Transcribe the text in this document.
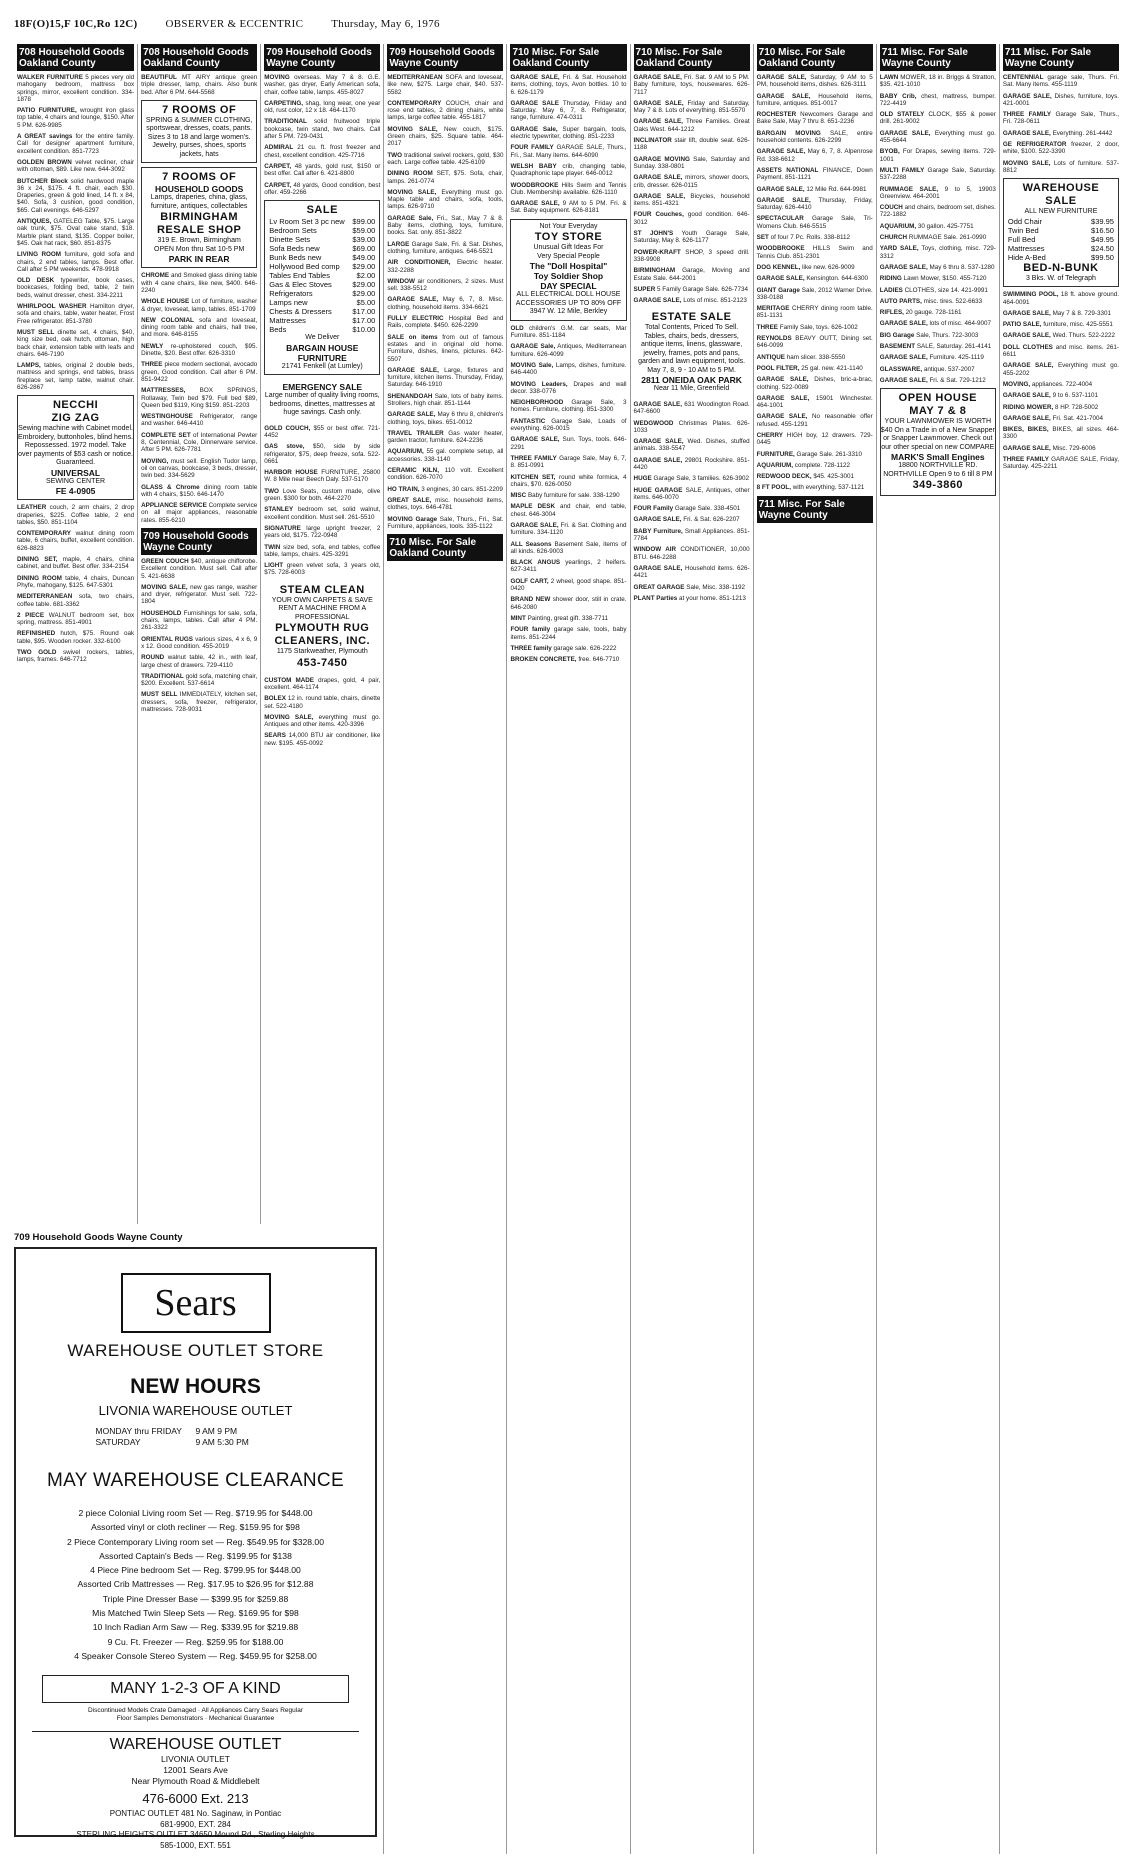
18F(O)15,F 10C,Ro 12C)	OBSERVER & ECCENTRIC	Thursday, May 6, 1976
708 Household Goods Oakland County

WALKER FURNITURE 5 pieces very old mahogany bedroom, mattress box springs, mirror, excellent condition. 334-1878

PATIO FURNITURE, wrought iron glass top table, 4 chairs and lounge, $150. After 5 PM. 626-9985

A GREAT savings for the entire family. Call for designer apartment furniture, excellent condition. 851-7723

GOLDEN BROWN velvet recliner, chair with ottoman, $89. Like new. 644-3092

BUTCHER Block solid hardwood maple 36 x 24, $175. 4 ft. chair, each $30. Draperies, green & gold lined, 14 ft. x 84, $40. Sofa, 3 cushion, good condition, $65. Call evenings. 646-5297

ANTIQUES, GATELEG Table, $75. Large oak trunk, $75. Oval cake stand, $18. Marble plant stand, $135. Copper boiler, $45. Oak hat rack, $60. 851-8375

LIVING ROOM furniture, gold sofa and chairs, 2 end tables, lamps. Best offer. Call after 5 PM weekends. 478-9918

OLD DESK typewriter, book cases, bookcases, folding bed, table, 2 twin beds, walnut dresser, chest. 334-2211

WHIRLPOOL WASHER Hamilton dryer, sofa and chairs, table, water heater, Frost Free refrigerator. 851-3780

MUST SELL dinette set, 4 chairs, $40, king size bed, oak hutch, ottoman, high back chair, extension table with leafs and chairs. 646-7190

LAMPS, tables, original 2 double beds, mattress and springs, end tables, brass fireplace set, lamp table, walnut chair. 626-2867

NECCHI
ZIG ZAG
Sewing machine with Cabinet model. Embroidery, buttonholes, blind hems. Repossessed. 1972 model. Take over payments of $53 cash or notice. Guaranteed.
UNIVERSAL
SEWING CENTER
FE 4-0905

LEATHER couch, 2 arm chairs, 2 drop draperies, $225. Coffee table, 2 end tables, $50. 851-1104

CONTEMPORARY walnut dining room table, 6 chairs, buffet, excellent condition. 626-8823

DINING SET, maple, 4 chairs, china cabinet, and buffet. Best offer. 334-2154

DINING ROOM table, 4 chairs, Duncan Phyfe, mahogany, $125. 647-5301

MEDITERRANEAN sofa, two chairs, coffee table. 681-3362

2 PIECE WALNUT bedroom set, box spring, mattress. 851-4901

REFINISHED hutch, $75. Round oak table, $95. Wooden rocker. 332-6100

TWO GOLD swivel rockers, tables, lamps, frames. 646-7712

708 Household Goods Oakland County

BEAUTIFUL MT AIRY antique green triple dresser, lamp, chairs. Also bunk bed. After 6 PM. 644-5568

7 ROOMS OF
SPRING & SUMMER CLOTHING, sportswear, dresses, coats, pants. Sizes 3 to 18 and large women's. Jewelry, purses, shoes, sports jackets, hats
7 ROOMS OF
HOUSEHOLD GOODS
Lamps, draperies, china, glass, furniture, antiques, collectables
BIRMINGHAM
RESALE SHOP
319 E. Brown, Birmingham
OPEN Mon thru Sat 10-5 PM
PARK IN REAR

CHROME and Smoked glass dining table with 4 cane chairs, like new, $400. 646-2240

WHOLE HOUSE Lot of furniture, washer & dryer, loveseat, lamp, tables. 851-1709

NEW COLONIAL sofa and loveseat, dining room table and chairs, hall tree, and more. 646-8155

NEWLY re-upholstered couch, $95. Dinette, $20. Best offer. 626-3310

THREE piece modern sectional, avocado green, Good condition. Call after 6 PM. 851-9422

MATTRESSES, BOX SPRINGS, Rollaway, Twin bed $79. Full bed $89, Queen bed $119, King $159. 851-2203

WESTINGHOUSE Refrigerator, range and washer. 646-4410

COMPLETE SET of International Pewter 8, Centennial, Cole, Dinnerware service. After 5 PM. 626-7781

MOVING, must sell. English Tudor lamp, oil on canvas, bookcase, 3 beds, dresser, twin bed. 334-5629

GLASS & Chrome dining room table with 4 chairs, $150. 646-1470

APPLIANCE SERVICE Complete service on all major appliances, reasonable rates. 855-6210

709 Household Goods Wayne County

GREEN COUCH $40, antique chifforobe. Excellent condition. Must sell. Call after 5. 421-6638

MOVING SALE, new gas range, washer and dryer, refrigerator. Must sell. 722-1804

HOUSEHOLD Furnishings for sale, sofa, chairs, lamps, tables. Call after 4 PM. 261-3322

ORIENTAL RUGS various sizes, 4 x 6, 9 x 12. Good condition. 455-2019

ROUND walnut table, 42 in., with leaf, large chest of drawers. 729-4110

TRADITIONAL gold sofa, matching chair, $200. Excellent. 537-6614

MUST SELL IMMEDIATELY, kitchen set, dressers, sofa, freezer, refrigerator, mattresses. 728-9031

709 Household Goods Wayne County

MOVING overseas. May 7 & 8. G.E. washer, gas dryer, Early American sofa, chair, coffee table, lamps. 455-8027

CARPETING, shag, long wear, one year old, rust color, 12 x 18. 464-1170

TRADITIONAL solid fruitwood triple bookcase, twin stand, two chairs. Call after 5 PM. 729-0431

ADMIRAL 21 cu. ft. frost freezer and chest, excellent condition. 425-7716

CARPET, 48 yards, gold rust, $150 or best offer. Call after 6. 421-8800

CARPET, 48 yards, Good condition, best offer. 459-2266

SALE
Lv Room Set 3 pc new $99.00
Bedroom Sets	$59.00
Dinette Sets	$39.00
Sofa Beds new	$69.00
Bunk Beds new	$49.00
Hollywood Bed comp $29.00
Tables End Tables	$2.00
Gas & Elec Stoves	$29.00
Refrigerators	$29.00
Lamps new	$5.00
Chests & Dressers	$17.00
Mattresses	$17.00
Beds	$10.00
We Deliver
BARGAIN HOUSE FURNITURE
21741 Fenkell (at Lumley)
EMERGENCY SALE
Large number of quality living rooms, bedrooms, dinettes, mattresses at huge savings. Cash only.

GOLD COUCH, $55 or best offer. 721-4452

GAS stove, $50, side by side refrigerator, $75, deep freeze, sofa. 522-0661

HARBOR HOUSE FURNITURE, 25800 W. 8 Mile near Beech Daly. 537-5170

TWO Love Seats, custom made, olive green. $300 for both. 464-2270

STANLEY bedroom set, solid walnut, excellent condition. Must sell. 261-5510

SIGNATURE large upright freezer, 2 years old, $175. 722-0948

TWIN size bed, sofa, end tables, coffee table, lamps, chairs. 425-3291

LIGHT green velvet sofa, 3 years old, $75. 728-6003

STEAM CLEAN
YOUR OWN CARPETS & SAVE
RENT A MACHINE FROM A PROFESSIONAL
PLYMOUTH RUG
CLEANERS, INC.
1175 Starkweather, Plymouth
453-7450

CUSTOM MADE drapes, gold, 4 pair, excellent. 464-1174

BOLEX 12 in. round table, chairs, dinette set. 522-4180

MOVING SALE, everything must go. Antiques and other items. 420-3396

SEARS 14,000 BTU air conditioner, like new. $195. 455-0092

709 Household Goods Wayne County

MEDITERRANEAN SOFA and loveseat, like new, $275. Large chair, $40. 537-5582

CONTEMPORARY COUCH, chair and rose end tables, 2 dining chairs, white lamps, large coffee table. 455-1817

MOVING SALE, New couch, $175. Green chairs, $25. Square table. 464-2017

TWO traditional swivel rockers, gold, $30 each. Large coffee table. 425-6109

DINING ROOM SET, $75. Sofa, chair, lamps. 261-0774

MOVING SALE, Everything must go. Maple table and chairs, sofa, tools, lamps. 626-9710

GARAGE Sale, Fri., Sat., May 7 & 8. Baby items, clothing, toys, furniture, books. Sat. only. 851-3822

LARGE Garage Sale, Fri. & Sat. Dishes, clothing, furniture, antiques. 646-5521

AIR CONDITIONER, Electric heater. 332-2288

WINDOW air conditioners, 2 sizes. Must sell. 338-5512

GARAGE SALE, May 6, 7, 8. Misc. clothing, household items. 334-6621

FULLY ELECTRIC Hospital Bed and Rails, complete. $450. 626-2299

SALE on items from out of famous estates and in original old home. Furniture, dishes, linens, pictures. 642-5507

GARAGE SALE, Large, fixtures and furniture, kitchen items. Thursday, Friday, Saturday. 646-1910

SHENANDOAH Sale, lots of baby items. Strollers, high chair. 851-1144

GARAGE SALE, May 6 thru 8, children's clothing, toys, bikes. 651-0012

TRAVEL TRAILER Gas water heater, garden tractor, furniture. 624-2236

AQUARIUM, 55 gal. complete setup, all accessories. 338-1140

CERAMIC KILN, 110 volt. Excellent condition. 626-7070

HO TRAIN, 3 engines, 30 cars. 851-2209

GREAT SALE, misc. household items, clothes, toys. 646-4781

MOVING Garage Sale, Thurs., Fri., Sat. Furniture, appliances, tools. 335-1122

710 Misc. For Sale Oakland County
710 Misc. For Sale Oakland County

GARAGE SALE, Fri. & Sat. Household items, clothing, toys, Avon bottles. 10 to 6. 626-1179

GARAGE SALE Thursday, Friday and Saturday. May 6, 7, 8. Refrigerator, range, furniture. 474-0311

GARAGE Sale, Super bargain, tools, electric typewriter, clothing. 851-2233

FOUR FAMILY GARAGE SALE, Thurs., Fri., Sat. Many items. 644-6090

WELSH BABY crib, changing table, Quadraphonic tape player. 646-0012

WOODBROOKE Hills Swim and Tennis Club. Membership available. 626-1110

GARAGE SALE, 9 AM to 5 PM. Fri. & Sat. Baby equipment. 626-8181

Not Your Everyday
TOY STORE
Unusual Gift Ideas For
Very Special People
The "Doll Hospital"
Toy Soldier Shop
DAY SPECIAL
ALL ELECTRICAL DOLL HOUSE ACCESSORIES UP TO 80% OFF
3947 W. 12 Mile, Berkley

OLD children's G.M. car seats, Mar Furniture. 851-1184

GARAGE Sale, Antiques, Mediterranean furniture. 626-4099

MOVING Sale, Lamps, dishes, furniture. 646-4400

MOVING Leaders, Drapes and wall decor. 338-0776

NEIGHBORHOOD Garage Sale, 3 homes. Furniture, clothing. 851-3300

FANTASTIC Garage Sale, Loads of everything. 626-0015

GARAGE SALE, Sun. Toys, tools. 646-2291

THREE FAMILY Garage Sale, May 6, 7, 8. 851-0991

KITCHEN SET, round white formica, 4 chairs, $70. 626-0050

MISC Baby furniture for sale. 338-1290

MAPLE DESK and chair, end table, chest. 646-3004

GARAGE SALE, Fri. & Sat. Clothing and furniture. 334-1120

ALL Seasons Basement Sale, items of all kinds. 626-9003

BLACK ANGUS yearlings, 2 heifers. 627-3411

GOLF CART, 2 wheel, good shape. 851-0420

BRAND NEW shower door, still in crate. 646-2080

MINT Painting, great gift. 338-7711

FOUR family garage sale, tools, baby items. 851-2244

THREE family garage sale. 626-2222

BROKEN CONCRETE, free. 646-7710

710 Misc. For Sale Oakland County

GARAGE SALE, Fri. Sat. 9 AM to 5 PM. Baby furniture, toys, housewares. 626-7117

GARAGE SALE, Friday and Saturday, May 7 & 8. Lots of everything. 851-5570

GARAGE SALE, Three Families. Great Oaks West. 644-1212

INCLINATOR stair lift, double seat. 626-1188

GARAGE MOVING Sale, Saturday and Sunday. 338-0801

GARAGE SALE, mirrors, shower doors, crib, dresser. 626-0115

GARAGE SALE, Bicycles, household items. 851-4321

FOUR Couches, good condition. 646-3012

ST JOHN'S Youth Garage Sale, Saturday, May 8. 626-1177

POWER-KRAFT SHOP, 3 speed drill. 338-9908

BIRMINGHAM Garage, Moving and Estate Sale. 644-2001

SUPER 5 Family Garage Sale. 626-7734

GARAGE SALE, Lots of misc. 851-2123

ESTATE SALE
Total Contents, Priced To Sell. Tables, chairs, beds, dressers, antique items, linens, glassware, jewelry, frames, pots and pans, garden and lawn equipment, tools. May 7, 8, 9 - 10 AM to 5 PM.
2811 ONEIDA OAK PARK
Near 11 Mile, Greenfield

GARAGE SALE, 631 Woodington Road. 647-6600

WEDGWOOD Christmas Plates. 626-1033

GARAGE SALE, Wed. Dishes, stuffed animals. 338-5547

GARAGE SALE, 29801 Rockshire. 851-4420

HUGE Garage Sale, 3 families. 626-3902

HUGE GARAGE SALE, Antiques, other items. 646-0070

FOUR Family Garage Sale. 338-4501

GARAGE SALE, Fri. & Sat. 626-2207

BABY Furniture, Small Appliances. 851-7784

WINDOW AIR CONDITIONER, 10,000 BTU. 646-2288

GARAGE SALE, Household items. 626-4421

GREAT GARAGE Sale, Misc. 338-1192

PLANT Parties at your home. 851-1213

710 Misc. For Sale Oakland County

GARAGE SALE, Saturday, 9 AM to 5 PM, household items, dishes. 626-3111

GARAGE SALE, Household items, furniture, antiques. 851-0017

ROCHESTER Newcomers Garage and Bake Sale, May 7 thru 8. 651-2236

BARGAIN MOVING SALE, entire household contents. 626-2299

GARAGE SALE, May 6, 7, 8. Alpenrose Rd. 338-6612

ASSETS NATIONAL FINANCE, Down Payment. 851-1121

GARAGE SALE, 12 Mile Rd. 644-9981

GARAGE SALE, Thursday, Friday, Saturday. 626-4410

SPECTACULAR Garage Sale, Tri-Womens Club. 646-5515

SET of four 7 Pc. Rolls. 338-8112

WOODBROOKE HILLS Swim and Tennis Club. 851-2301

DOG KENNEL, like new. 626-9009

GARAGE SALE, Kensington. 644-6300

GIANT Garage Sale, 2012 Warner Drive. 338-0188

MERITAGE CHERRY dining room table. 851-1131

THREE Family Sale, toys. 626-1002

REYNOLDS BEAVY OUTT, Dining set. 646-0099

ANTIQUE ham slicer. 338-5550

POOL FILTER, 25 gal. new. 421-1140

GARAGE SALE, Dishes, bric-a-brac, clothing. 522-0089

GARAGE SALE, 15901 Winchester. 464-1001

GARAGE SALE, No reasonable offer refused. 455-1291

CHERRY HIGH boy, 12 drawers. 729-0445

FURNITURE, Garage Sale. 261-3310

AQUARIUM, complete. 728-1122

REDWOOD DECK, $45. 425-3001

8 FT POOL, with everything. 537-1121

711 Misc. For Sale Wayne County
711 Misc. For Sale Wayne County

LAWN MOWER, 18 in. Briggs & Stratton, $35. 421-1010

BABY Crib, chest, mattress, bumper. 722-4419

OLD STATELY CLOCK, $55 & power drill. 261-9002

GARAGE SALE, Everything must go. 455-6644

BYOB, For Drapes, sewing items. 729-1001

MULTI FAMILY Garage Sale, Saturday. 537-2288

RUMMAGE SALE, 9 to 5, 19903 Greenview. 464-2001

COUCH and chairs, bedroom set, dishes. 722-1882

AQUARIUM, 30 gallon. 425-7751

CHURCH RUMMAGE Sale. 261-0990

YARD SALE, Toys, clothing, misc. 729-3312

GARAGE SALE, May 6 thru 8. 537-1280

RIDING Lawn Mower, $150. 455-7120

LADIES CLOTHES, size 14. 421-9991

AUTO PARTS, misc. tires. 522-6633

RIFLES, 20 gauge. 728-1161

GARAGE SALE, lots of misc. 464-9007

BIG Garage Sale, Thurs. 722-3003

BASEMENT SALE, Saturday. 261-4141

GARAGE SALE, Furniture. 425-1119

GLASSWARE, antique. 537-2007

GARAGE SALE, Fri. & Sat. 729-1212

OPEN HOUSE
MAY 7 & 8
YOUR LAWNMOWER IS WORTH
$40 On a Trade in of a New Snapper or Snapper Lawnmower. Check out our other special on new COMPARE
MARK'S Small Engines
18800 NORTHVILLE RD. NORTHVILLE Open 9 to 6 till 8 PM
349-3860
711 Misc. For Sale Wayne County

CENTENNIAL garage sale, Thurs. Fri. Sat. Many items. 455-1119

GARAGE SALE, Dishes, furniture, toys. 421-0001

THREE FAMILY Garage Sale, Thurs., Fri. 728-0611

GARAGE SALE, Everything. 261-4442

GE REFRIGERATOR freezer, 2 door, white, $100. 522-3390

MOVING SALE, Lots of furniture. 537-8812

WAREHOUSE
SALE
ALL NEW FURNITURE
Odd Chair	$39.95
Twin Bed	$16.50
Full Bed	$49.95
Mattresses	$24.50
Hide A-Bed	$99.50
BED-N-BUNK
3 Bks. W. of Telegraph

SWIMMING POOL, 18 ft. above ground. 464-0091

GARAGE SALE, May 7 & 8. 729-3301

PATIO SALE, furniture, misc. 425-5551

GARAGE SALE, Wed. Thurs. 522-2222

DOLL CLOTHES and misc. items. 261-6611

GARAGE SALE, Everything must go. 455-2202

MOVING, appliances. 722-4004

GARAGE SALE, 9 to 6. 537-1101

RIDING MOWER, 8 HP. 728-5002

GARAGE SALE, Fri. Sat. 421-7004

BIKES, BIKES, BIKES, all sizes. 464-3300

GARAGE SALE, Misc. 729-6006

THREE FAMILY GARAGE SALE, Friday, Saturday. 425-2211

709 Household Goods Wayne County
Sears
WAREHOUSE OUTLET STORE
NEW HOURS
LIVONIA WAREHOUSE OUTLET
MONDAY thru FRIDAY	9 AM 9 PM
SATURDAY	9 AM 5:30 PM
MAY WAREHOUSE CLEARANCE
2 piece Colonial Living room Set — Reg. $719.95 for $448.00
Assorted vinyl or cloth recliner — Reg. $159.95 for $98
2 Piece Contemporary Living room set — Reg. $549.95 for $328.00
Assorted Captain's Beds — Reg. $199.95 for $138
4 Piece Pine bedroom Set — Reg. $799.95 for $448.00
Assorted Crib Mattresses — Reg. $17.95 to $26.95 for $12.88
Triple Pine Dresser Base — $399.95 for $259.88
Mis Matched Twin Sleep Sets — Reg. $169.95 for $98
10 Inch Radian Arm Saw — Reg. $339.95 for $219.88
9 Cu. Ft. Freezer — Reg. $259.95 for $188.00
4 Speaker Console Stereo System — Reg. $459.95 for $258.00
MANY 1-2-3 OF A KIND
Discontinued Models Crate Damaged · All Appliances Carry Sears Regular
Floor Samples Demonstrators · Mechanical Guarantee
WAREHOUSE OUTLET
LIVONIA OUTLET
12001 Sears Ave
Near Plymouth Road & Middlebelt
476-6000 Ext. 213
PONTIAC OUTLET 481 No. Saginaw, in Pontiac
681-9900, EXT. 284
STERLING HEIGHTS OUTLET 34650 Mound Rd., Sterling Heights
585-1000, EXT. 551
